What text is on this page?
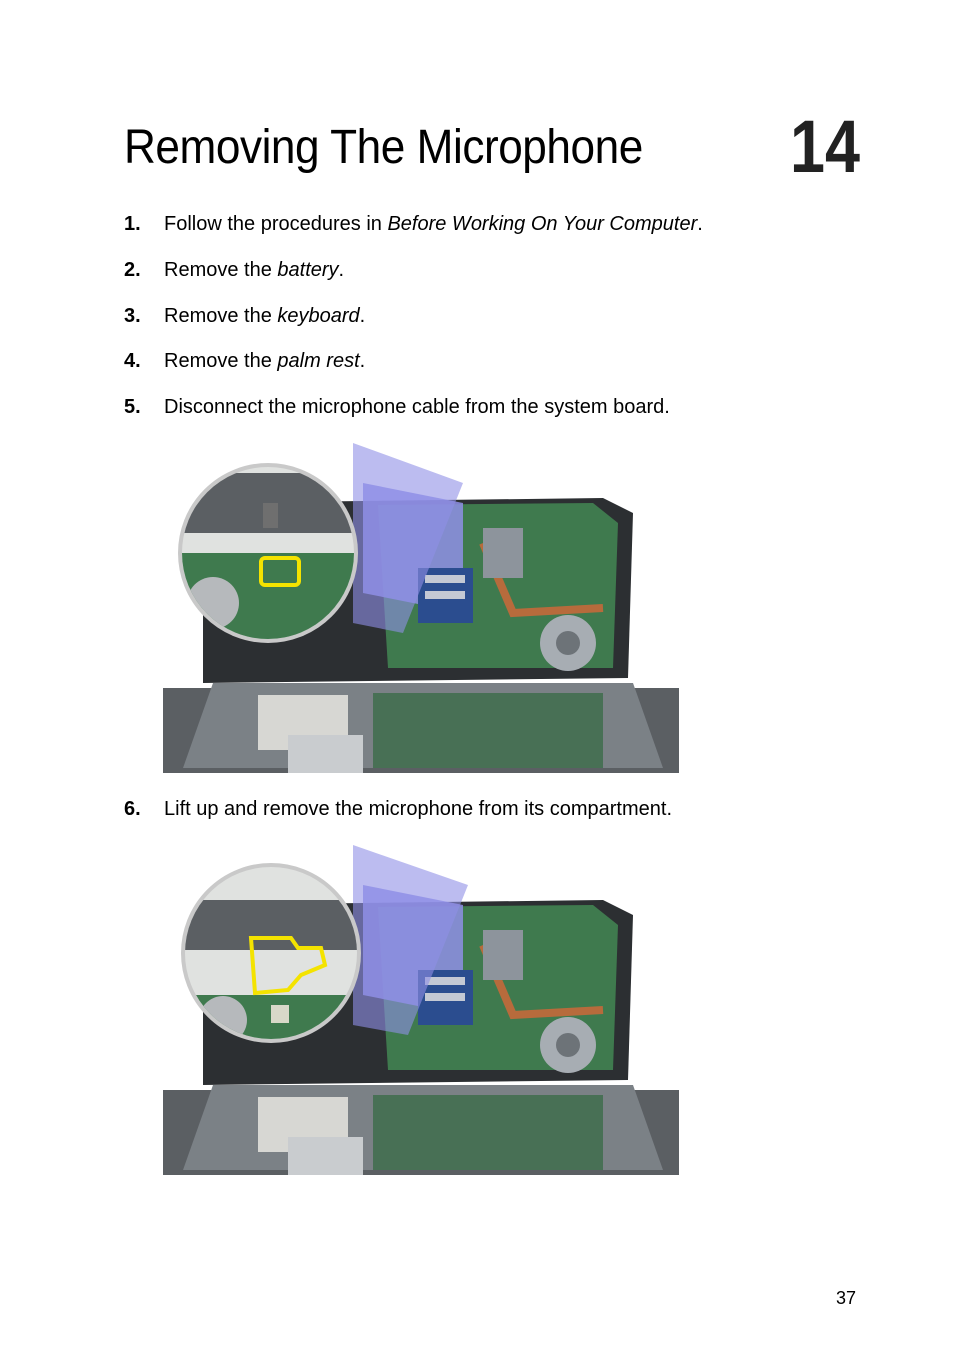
Removing The Microphone 14
1. Follow the procedures in Before Working On Your Computer.
2. Remove the battery.
3. Remove the keyboard.
4. Remove the palm rest.
5. Disconnect the microphone cable from the system board.
6. Lift up and remove the microphone from its compartment.
37
